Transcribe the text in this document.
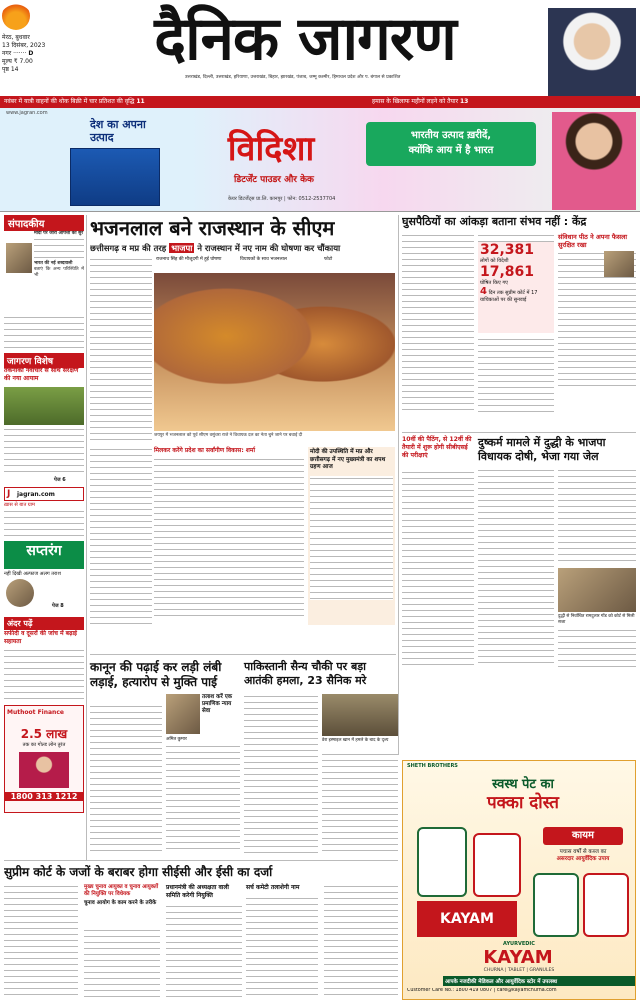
मेरठ, बुधवार
13 दिसंबर, 2023
नगर ······· D
मूल्य ₹ 7.00
पृष्ठ 14	दैनिक जागरण
उत्तराखंड, दिल्ली, उत्तराखंड, हरियाणा, उत्तराखंड, बिहार, झारखंड, पंजाब, जम्मू कश्मीर, हिमाचल प्रदेश और प. बंगाल से प्रकाशित
नवंबर में यात्री वाहनों की थोक बिक्री में चार प्रतिशत की वृद्धि 11	हमास के खिलाफ महीनों लड़ने को तैयार 13
www.jagran.com
देश का अपना उत्पाद	विदिशा
डिटर्जेंट पाउडर और केक
केयर डिटर्जेंट्स प्रा.लि. कानपुर | फोन: 0512-2537704
भारतीय उत्पाद ख़रीदें,
क्योंकि आय में है भारत
संपादकीय
मोदी पर जारी आपत्ती का सुर
भारत की नई शब्दावली
बताएं कि अन्य परिस्थिति में भी
जागरण विशेष
तकनीकी नवाचार से साथ संरक्षण की नया आयाम
पेज 6
J jagran.com
ख़ास से बात ग्राम
सप्तरंग
नहीं दिखी अल्फाज अलग तराश
पेज 8
अंदर पढ़ें
सफीदी व दूसरों की जांच में बढ़ाई सहायता
Muthoot Finance
2.5 लाख
तक का गोल्ड लोन तुरंत
1800 313 1212
भजनलाल बने राजस्थान के सीएम
छत्तीसगढ़ व मप्र की तरह भाजपा ने राजस्थान में नए नाम की घोषणा कर चौंकाया
राजनाथ सिंह की मौजूदगी में हुई घोषणा	विधायकों के साथ भजनलाल	फोटो
जयपुर में भजनलाल को पूर्व सीएम वसुंधरा राजे ने विधायक दल का नेता चुने जाने पर बधाई दी
मिलकर करेंगे प्रदेश का सर्वांगीण विकास: शर्मा	मोदी की उपस्थिति में मप्र और छत्तीसगढ़ में नए मुख्यमंत्री का शपथ ग्रहण आज
घुसपैठियों का आंकड़ा बताना संभव नहीं : केंद्र

32,381
लोगों को विदेशी
17,861
घोषित किए गए
4 दिन तक सुप्रीम कोर्ट में 17 याचिकाओं पर की सुनवाई
संविधान पीठ ने अपना फैसला सुरक्षित रखा
10वीं की पैठिंग, से 12वीं की तैयारी में शुरू होगी सीबीएसई की परीक्षाएं
दुष्कर्म मामले में दुद्धी के भाजपा विधायक दोषी, भेजा गया जेल
दुद्धी से निर्वाचित रामदुलार गोंड को कोर्ट से मिली सजा
कानून की पढ़ाई कर लड़ी लंबी लड़ाई, हत्यारोप से मुक्ति पाई
तलाश करें एक प्रमाणिक न्याय सेवा
अमित कुमार
पाकिस्तानी सैन्य चौकी पर बड़ा आतंकी हमला, 23 सैनिक मरे
डेरा इस्माइल खान में हमले के बाद के दृश्य
SHETH BROTHERS
स्वस्थ पेट का
पक्का दोस्त
कायम
पचास वर्षों से कब्ज का
असरदार आयुर्वेदिक उपाय
KAYAM
AYURVEDIC
KAYAM
CHURNA | TABLET | GRANULES
आपके नजदीकी मेडिकल और आयुर्वेदिक स्टोर में उपलब्ध
Customer Care No.: 1800 419 0807 | care@kayamchurna.com
सुप्रीम कोर्ट के जजों के बराबर होगा सीईसी और ईसी का दर्जा
मुख्य चुनाव आयुक्त व चुनाव आयुक्तों की नियुक्ति पर विधेयक
चुनाव आयोग के काम करने के तरीके
प्रधानमंत्री की अध्यक्षता वाली समिति करेगी नियुक्ति
सर्च कमेटी तलाशेगी नाम
